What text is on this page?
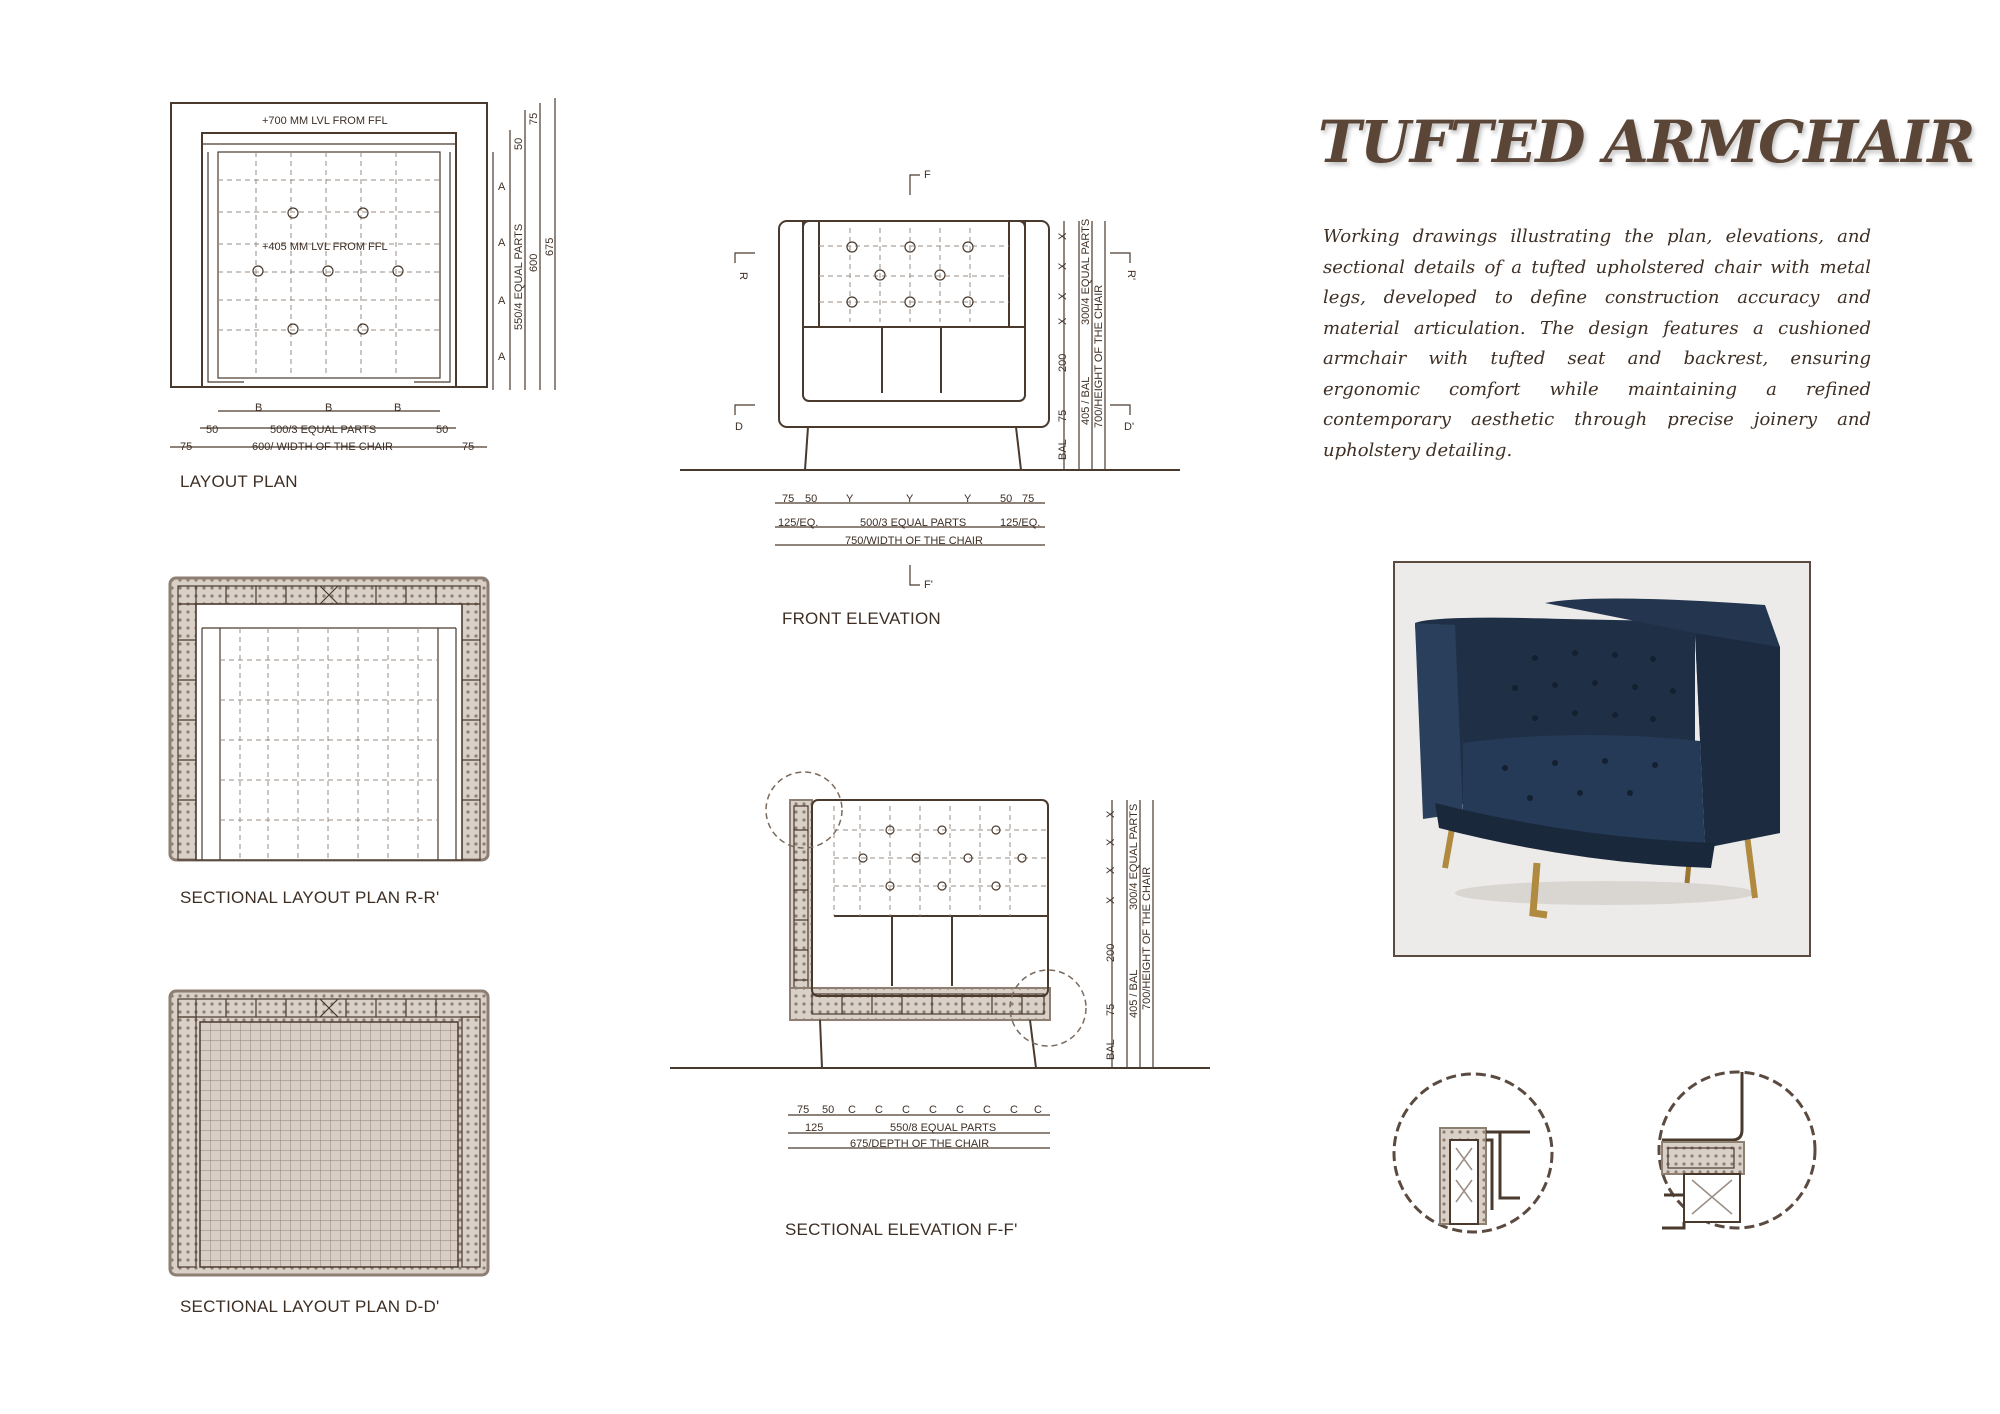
+700 MM LVL FROM FFL
+405 MM LVL FROM FFL
B	B	B
50	500/3 EQUAL PARTS	50
75	600/ WIDTH OF THE CHAIR	75
A
A
A
A
50
550/4 EQUAL PARTS 600
75
675
F
F'
R	R'
D	D'
75 50	Y	Y	Y	50 75
125/EQ.	500/3 EQUAL PARTS	125/EQ.
750/WIDTH OF THE CHAIR
X
X
X
X
200
75
BAL
300/4 EQUAL PARTS
405 / BAL 700/HEIGHT OF THE CHAIR
75 50 C C C C C C C C
125	550/8 EQUAL PARTS
675/DEPTH OF THE CHAIR
X
X
X
X
200
75
BAL
300/4 EQUAL PARTS
405 / BAL 700/HEIGHT OF THE CHAIR
LAYOUT PLAN
FRONT ELEVATION
SECTIONAL LAYOUT PLAN R-R'
SECTIONAL LAYOUT PLAN D-D'
SECTIONAL ELEVATION F-F'
TUFTED ARMCHAIR
Working drawings illustrating the plan, elevations, and sectional details of a tufted upholstered chair with metal legs, developed to define construction accuracy and material articulation. The design features a cushioned armchair with tufted seat and backrest, ensuring ergonomic comfort while maintaining a refined contemporary aesthetic through precise joinery and upholstery detailing.
